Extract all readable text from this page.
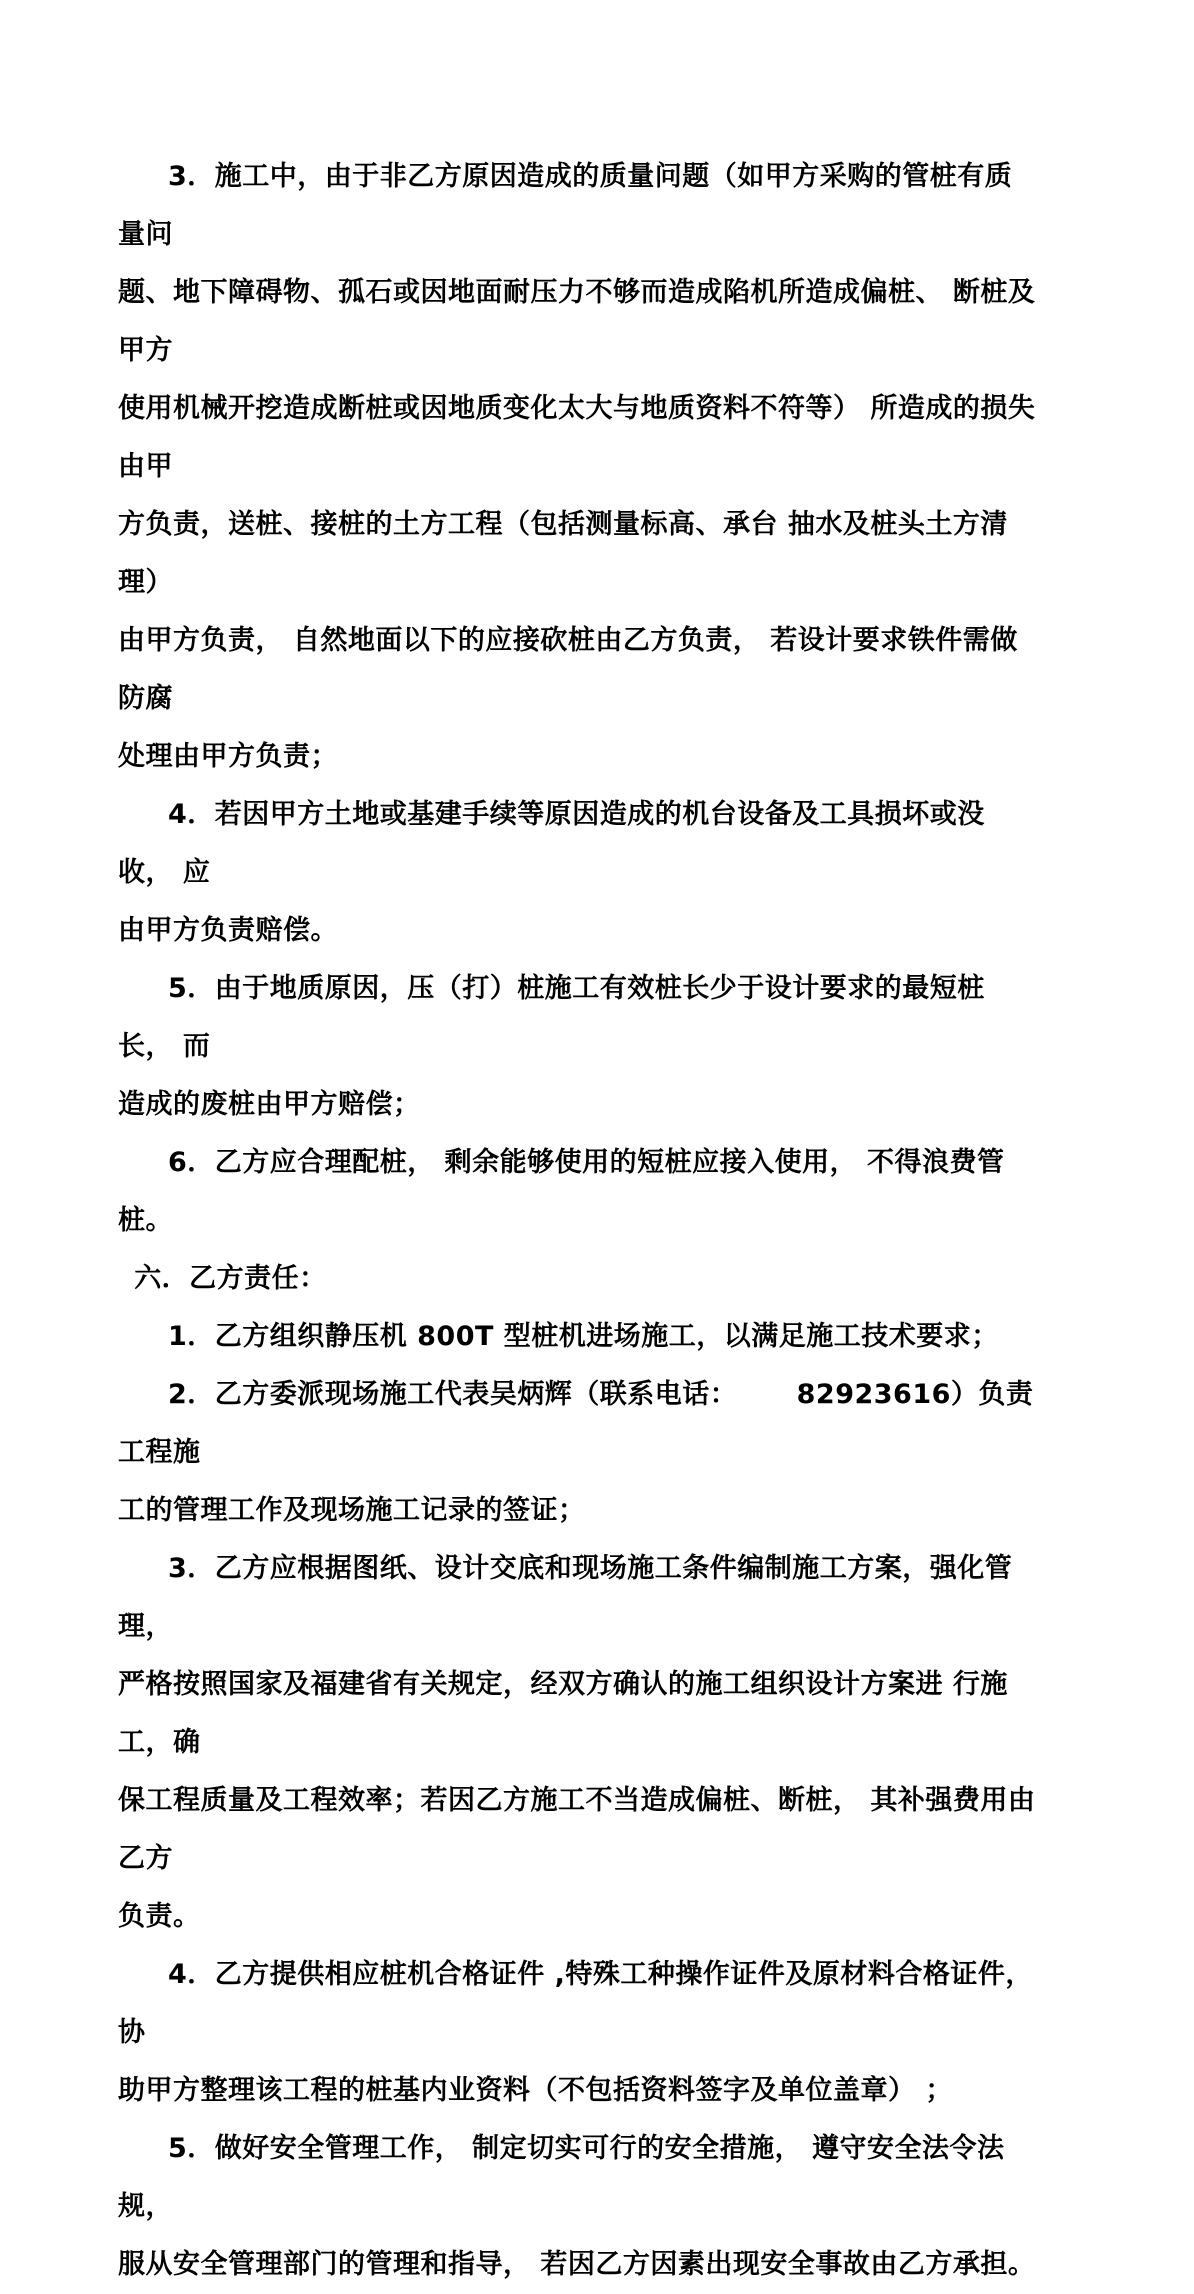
3．施工中，由于非乙方原因造成的质量问题（如甲方采购的管桩有质 量问
题、地下障碍物、孤石或因地面耐压力不够而造成陷机所造成偏桩、 断桩及甲方
使用机械开挖造成断桩或因地质变化太大与地质资料不符等） 所造成的损失由甲
方负责，送桩、接桩的土方工程（包括测量标高、承台 抽水及桩头土方清理）
由甲方负责， 自然地面以下的应接砍桩由乙方负责， 若设计要求铁件需做防腐
处理由甲方负责；
4．若因甲方土地或基建手续等原因造成的机台设备及工具损坏或没收， 应
由甲方负责赔偿。
5．由于地质原因，压（打）桩施工有效桩长少于设计要求的最短桩长， 而
造成的废桩由甲方赔偿；
6．乙方应合理配桩， 剩余能够使用的短桩应接入使用， 不得浪费管桩。
六．乙方责任：
1．乙方组织静压机 800T 型桩机进场施工，以满足施工技术要求；
2．乙方委派现场施工代表吴炳辉（联系电话：      82923616）负责工程施
工的管理工作及现场施工记录的签证；
3．乙方应根据图纸、设计交底和现场施工条件编制施工方案，强化管 理，
严格按照国家及福建省有关规定，经双方确认的施工组织设计方案进 行施工，确
保工程质量及工程效率；若因乙方施工不当造成偏桩、断桩， 其补强费用由乙方
负责。
4．乙方提供相应桩机合格证件 ,特殊工种操作证件及原材料合格证件， 协
助甲方整理该工程的桩基内业资料（不包括资料签字及单位盖章） ；
5．做好安全管理工作， 制定切实可行的安全措施， 遵守安全法令法规，
服从安全管理部门的管理和指导， 若因乙方因素出现安全事故由乙方承担。
